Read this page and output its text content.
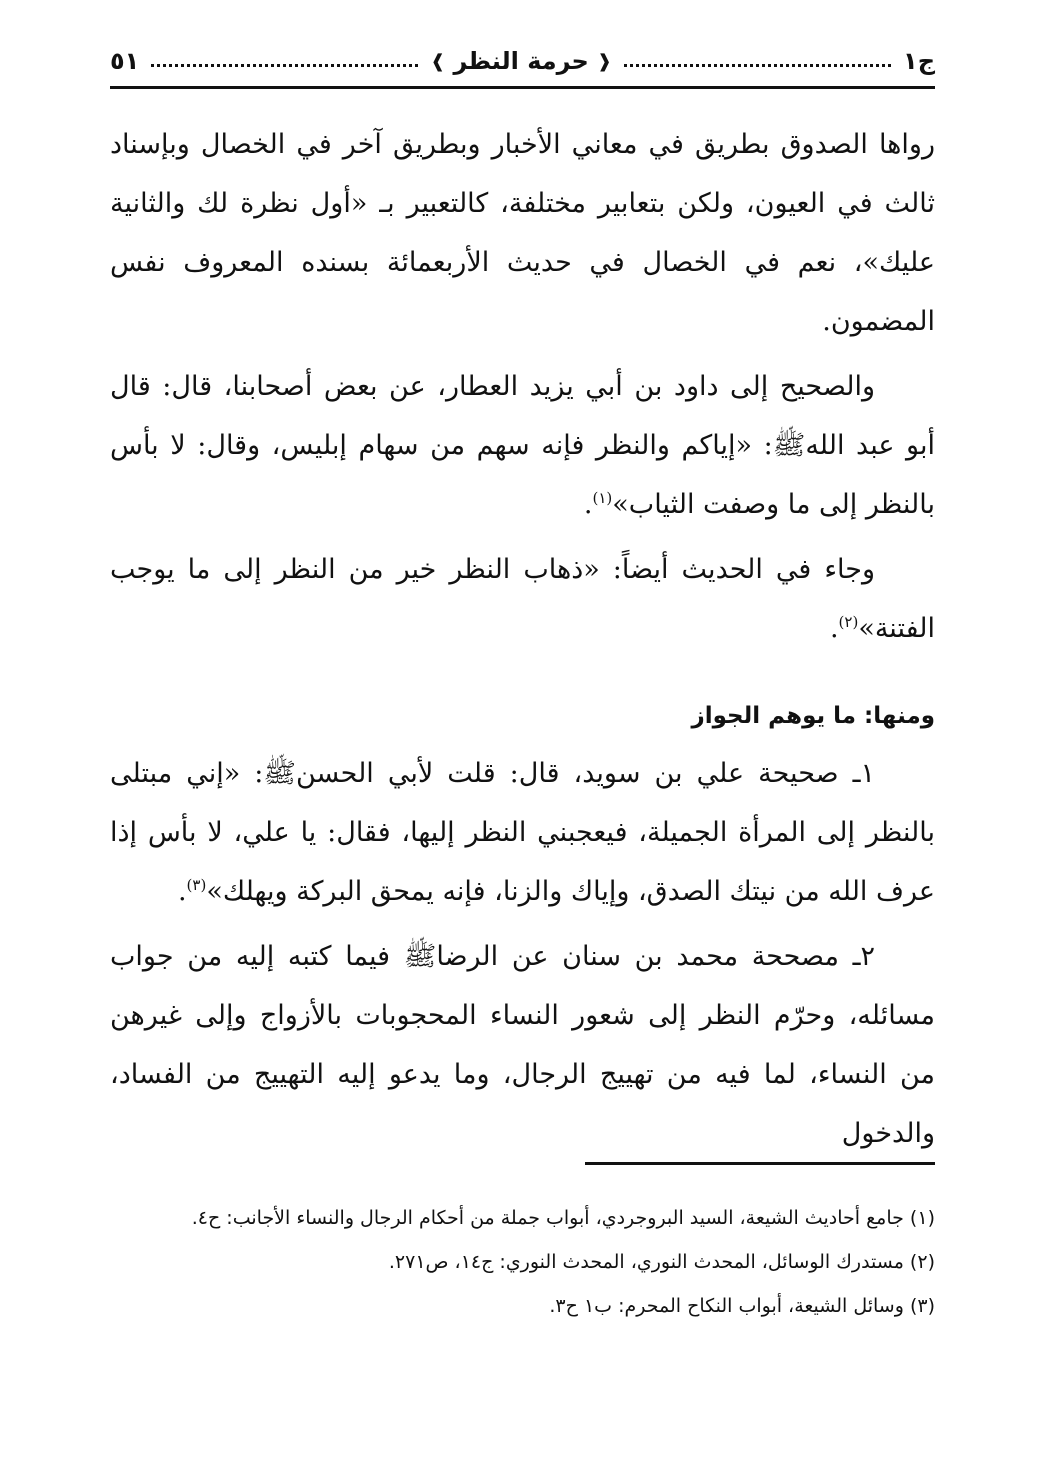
ج١
❰
حرمة النظر
❱
٥١

رواها الصدوق بطريق في معاني الأخبار وبطريق آخر في الخصال وبإسناد ثالث في العيون، ولكن بتعابير مختلفة، كالتعبير بـ «أول نظرة لك والثانية عليك»، نعم في الخصال في حديث الأربعمائة بسنده المعروف نفس المضمون.

والصحيح إلى داود بن أبي يزيد العطار، عن بعض أصحابنا، قال: قال أبو عبد الله‎ﷺ: «إياكم والنظر فإنه سهم من سهام إبليس، وقال: لا بأس بالنظر إلى ما وصفت الثياب»$^{(١)}$.

وجاء في الحديث أيضاً: «ذهاب النظر خير من النظر إلى ما يوجب الفتنة»$^{(٢)}$.

ومنها: ما يوهم الجواز

١ـ صحيحة علي بن سويد، قال: قلت لأبي الحسن‎ﷺ: «إني مبتلى بالنظر إلى المرأة الجميلة، فيعجبني النظر إليها، فقال: يا علي، لا بأس إذا عرف الله من نيتك الصدق، وإياك والزنا، فإنه يمحق البركة ويهلك»$^{(٣)}$.

٢ـ مصححة محمد بن سنان عن الرضا‎ﷺ فيما كتبه إليه من جواب مسائله، وحرّم النظر إلى شعور النساء المحجوبات بالأزواج وإلى غيرهن من النساء، لما فيه من تهييج الرجال، وما يدعو إليه التهييج من الفساد، والدخول

(١) جامع أحاديث الشيعة، السيد البروجردي، أبواب جملة من أحكام الرجال والنساء الأجانب: ح٤.

(٢) مستدرك الوسائل، المحدث النوري، المحدث النوري: ج١٤، ص٢٧١.

(٣) وسائل الشيعة، أبواب النكاح المحرم: ب١ ح٣.
